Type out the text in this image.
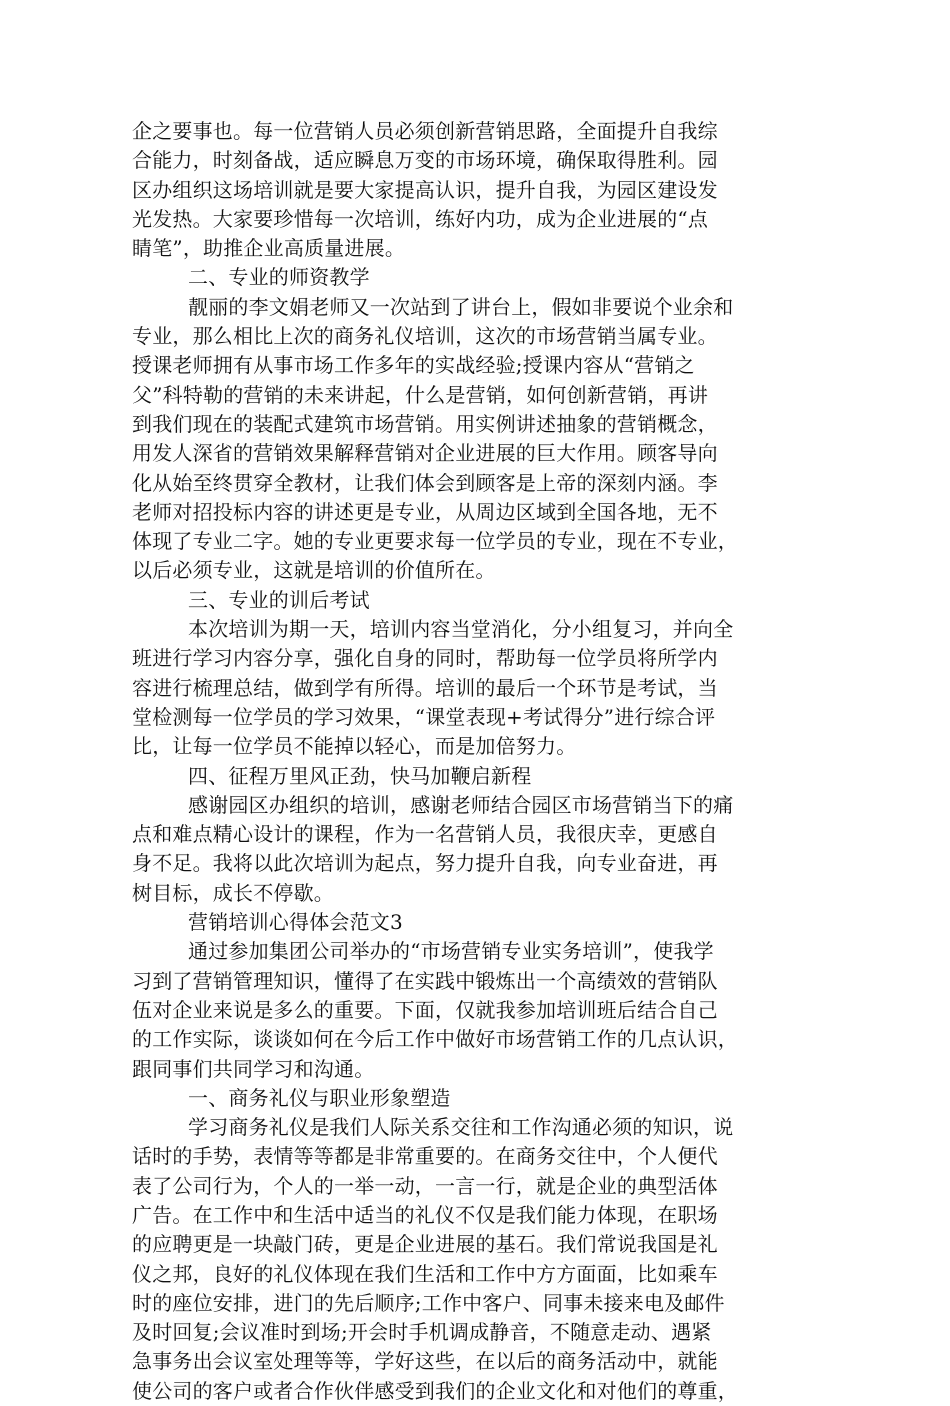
企之要事也。每一位营销人员必须创新营销思路，全面提升自我综
合能力，时刻备战，适应瞬息万变的市场环境，确保取得胜利。园
区办组织这场培训就是要大家提高认识，提升自我，为园区建设发
光发热。大家要珍惜每一次培训，练好内功，成为企业进展的“点
睛笔”，助推企业高质量进展。
二、专业的师资教学
靓丽的李文娟老师又一次站到了讲台上，假如非要说个业余和
专业，那么相比上次的商务礼仪培训，这次的市场营销当属专业。
授课老师拥有从事市场工作多年的实战经验;授课内容从“营销之
父”科特勒的营销的未来讲起，什么是营销，如何创新营销，再讲
到我们现在的装配式建筑市场营销。用实例讲述抽象的营销概念，
用发人深省的营销效果解释营销对企业进展的巨大作用。顾客导向
化从始至终贯穿全教材，让我们体会到顾客是上帝的深刻内涵。李
老师对招投标内容的讲述更是专业，从周边区域到全国各地，无不
体现了专业二字。她的专业更要求每一位学员的专业，现在不专业，
以后必须专业，这就是培训的价值所在。
三、专业的训后考试
本次培训为期一天，培训内容当堂消化，分小组复习，并向全
班进行学习内容分享，强化自身的同时，帮助每一位学员将所学内
容进行梳理总结，做到学有所得。培训的最后一个环节是考试，当
堂检测每一位学员的学习效果，“课堂表现+考试得分”进行综合评
比，让每一位学员不能掉以轻心，而是加倍努力。
四、征程万里风正劲，快马加鞭启新程
感谢园区办组织的培训，感谢老师结合园区市场营销当下的痛
点和难点精心设计的课程，作为一名营销人员，我很庆幸，更感自
身不足。我将以此次培训为起点，努力提升自我，向专业奋进，再
树目标，成长不停歇。
营销培训心得体会范文3
通过参加集团公司举办的“市场营销专业实务培训”，使我学
习到了营销管理知识，懂得了在实践中锻炼出一个高绩效的营销队
伍对企业来说是多么的重要。下面，仅就我参加培训班后结合自己
的工作实际，谈谈如何在今后工作中做好市场营销工作的几点认识，
跟同事们共同学习和沟通。
一、商务礼仪与职业形象塑造
学习商务礼仪是我们人际关系交往和工作沟通必须的知识，说
话时的手势，表情等等都是非常重要的。在商务交往中，个人便代
表了公司行为，个人的一举一动，一言一行，就是企业的典型活体
广告。在工作中和生活中适当的礼仪不仅是我们能力体现，在职场
的应聘更是一块敲门砖，更是企业进展的基石。我们常说我国是礼
仪之邦，良好的礼仪体现在我们生活和工作中方方面面，比如乘车
时的座位安排，进门的先后顺序;工作中客户、同事未接来电及邮件
及时回复;会议准时到场;开会时手机调成静音，不随意走动、遇紧
急事务出会议室处理等等，学好这些，在以后的商务活动中，就能
使公司的客户或者合作伙伴感受到我们的企业文化和对他们的尊重，
